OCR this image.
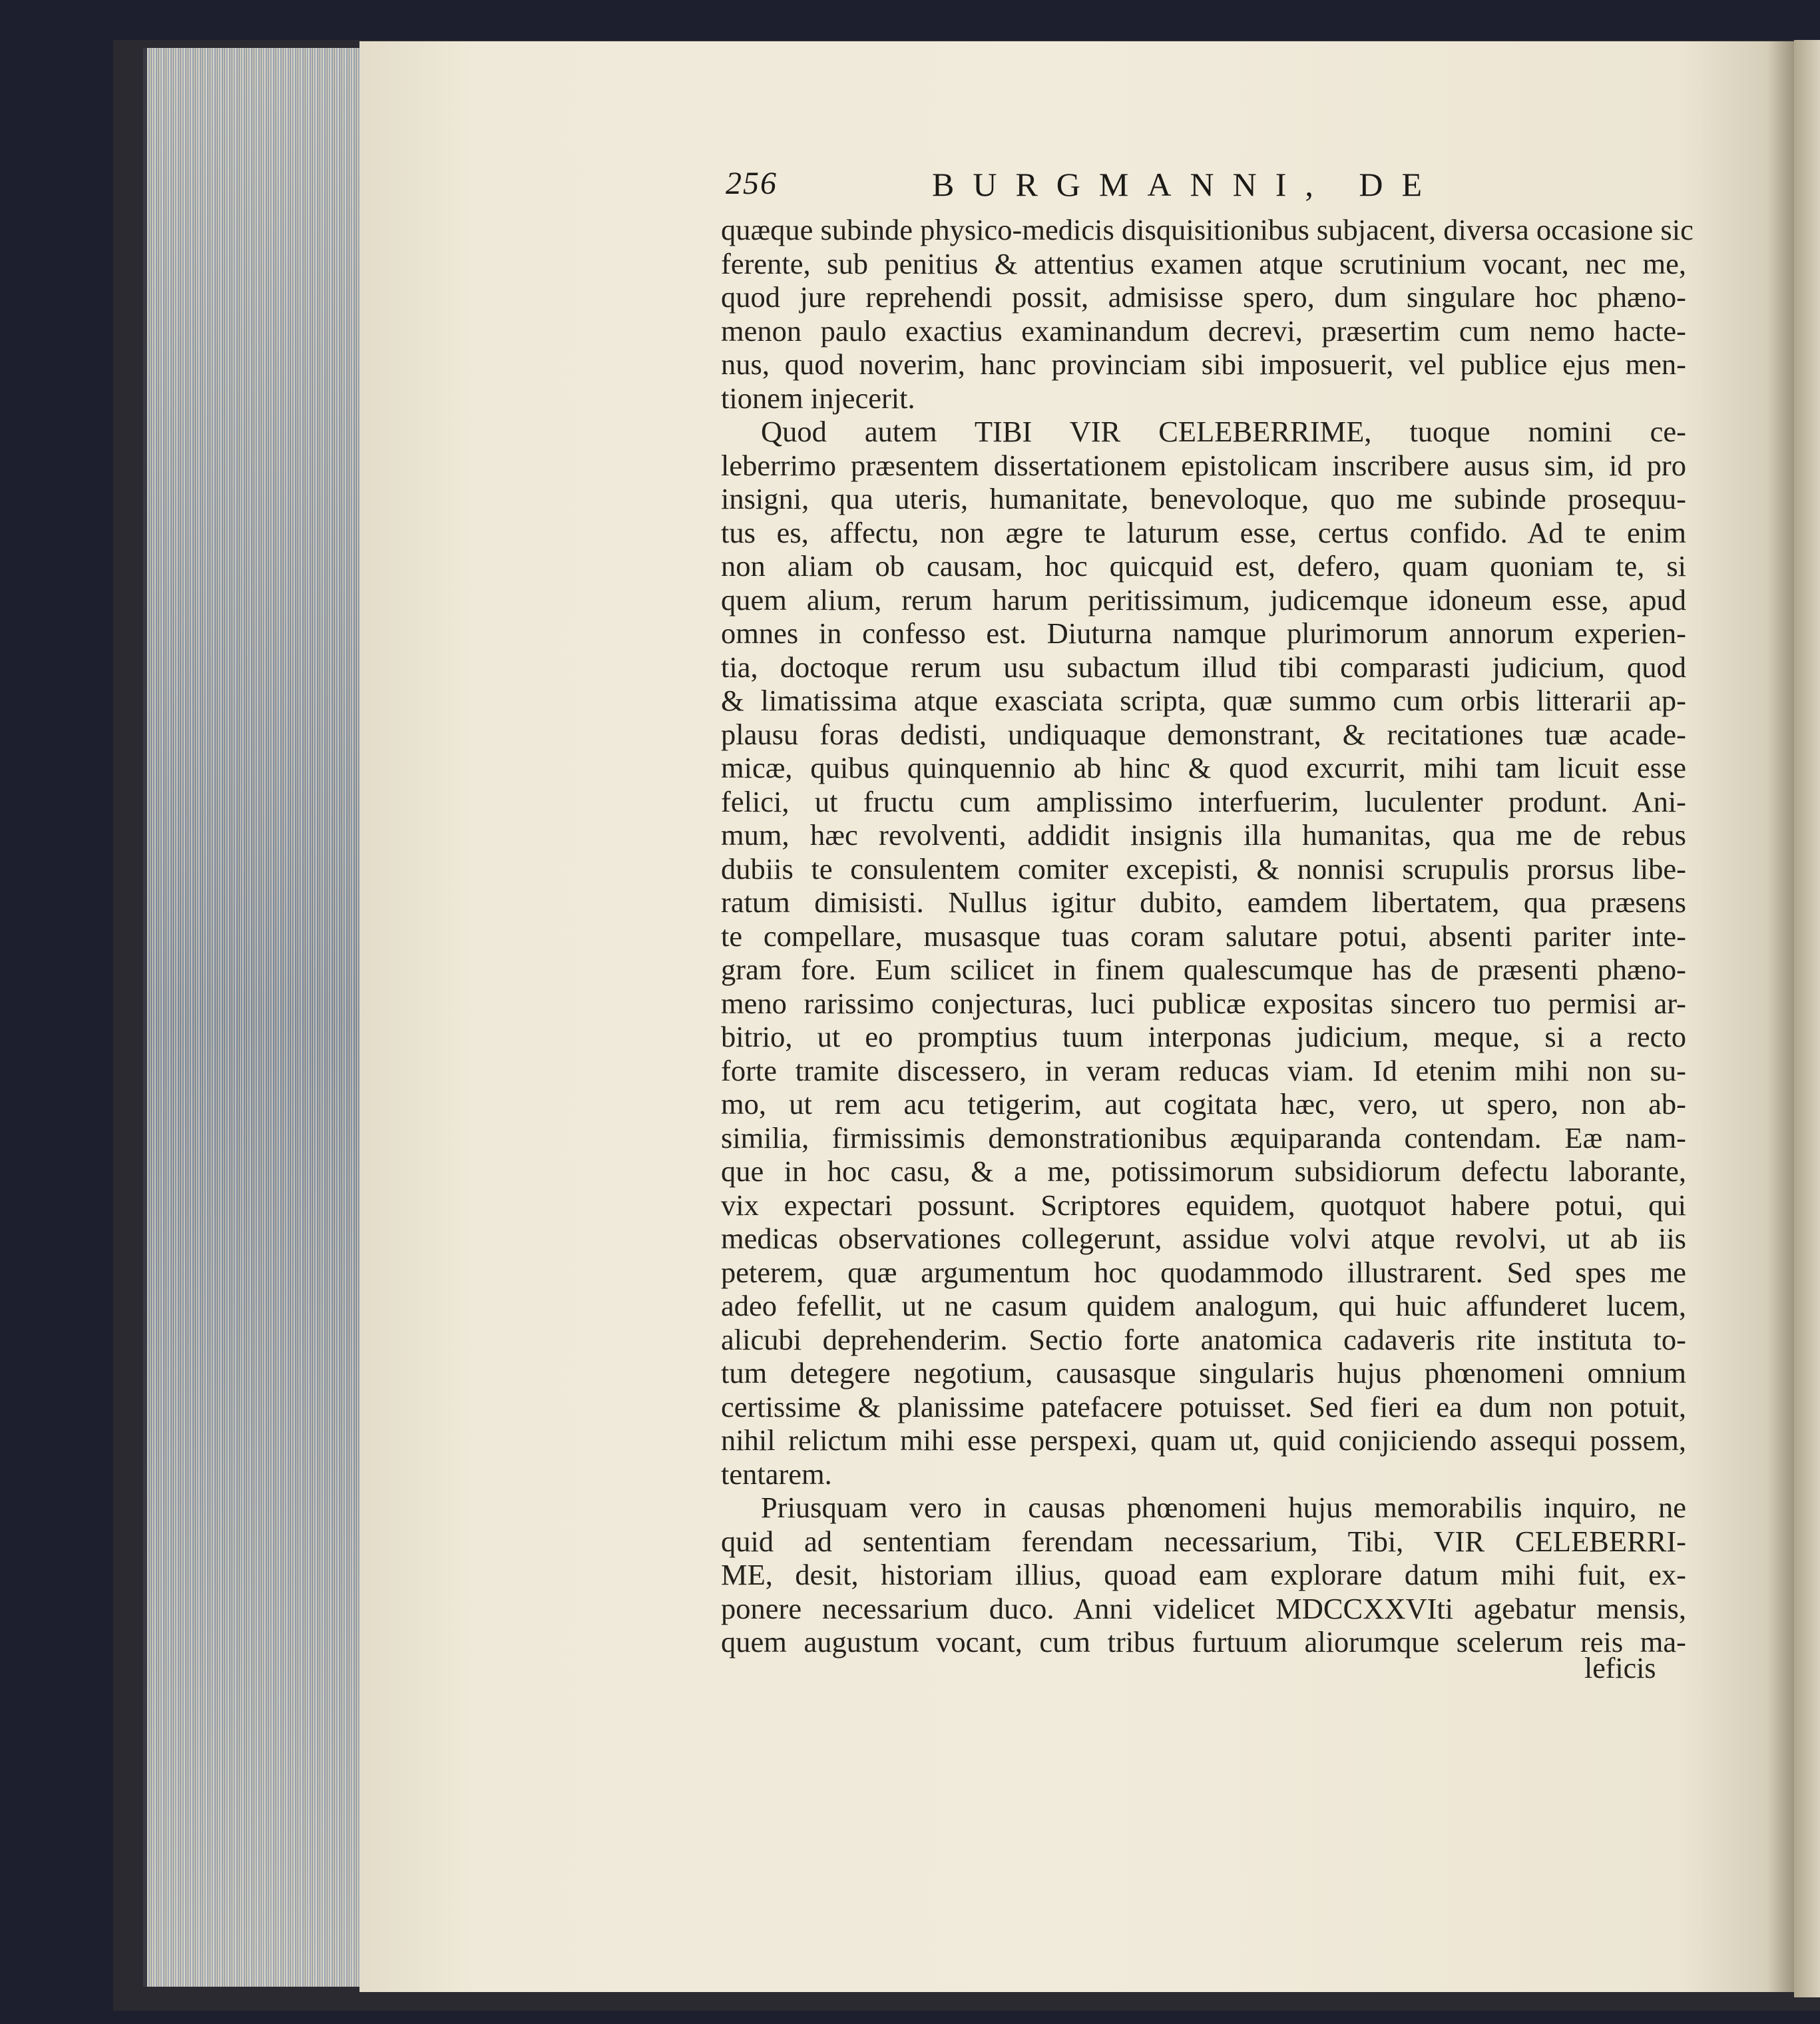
256	BURGMANNI, DE
quæque subinde physico-medicis disquisitionibus subjacent, diversa occasione sic
ferente, sub penitius & attentius examen atque scrutinium vocant, nec me,
quod jure reprehendi possit, admisisse spero, dum singulare hoc phæno-
menon paulo exactius examinandum decrevi, præsertim cum nemo hacte-
nus, quod noverim, hanc provinciam sibi imposuerit, vel publice ejus men-
tionem injecerit.
Quod autem TIBI VIR CELEBERRIME, tuoque nomini ce-
leberrimo præsentem dissertationem epistolicam inscribere ausus sim, id pro
insigni, qua uteris, humanitate, benevoloque, quo me subinde prosequu-
tus es, affectu, non ægre te laturum esse, certus confido. Ad te enim
non aliam ob causam, hoc quicquid est, defero, quam quoniam te, si
quem alium, rerum harum peritissimum, judicemque idoneum esse, apud
omnes in confesso est. Diuturna namque plurimorum annorum experien-
tia, doctoque rerum usu subactum illud tibi comparasti judicium, quod
& limatissima atque exasciata scripta, quæ summo cum orbis litterarii ap-
plausu foras dedisti, undiquaque demonstrant, & recitationes tuæ acade-
micæ, quibus quinquennio ab hinc & quod excurrit, mihi tam licuit esse
felici, ut fructu cum amplissimo interfuerim, luculenter produnt. Ani-
mum, hæc revolventi, addidit insignis illa humanitas, qua me de rebus
dubiis te consulentem comiter excepisti, & nonnisi scrupulis prorsus libe-
ratum dimisisti. Nullus igitur dubito, eamdem libertatem, qua præsens
te compellare, musasque tuas coram salutare potui, absenti pariter inte-
gram fore. Eum scilicet in finem qualescumque has de præsenti phæno-
meno rarissimo conjecturas, luci publicæ expositas sincero tuo permisi ar-
bitrio, ut eo promptius tuum interponas judicium, meque, si a recto
forte tramite discessero, in veram reducas viam. Id etenim mihi non su-
mo, ut rem acu tetigerim, aut cogitata hæc, vero, ut spero, non ab-
similia, firmissimis demonstrationibus æquiparanda contendam. Eæ nam-
que in hoc casu, & a me, potissimorum subsidiorum defectu laborante,
vix expectari possunt. Scriptores equidem, quotquot habere potui, qui
medicas observationes collegerunt, assidue volvi atque revolvi, ut ab iis
peterem, quæ argumentum hoc quodammodo illustrarent. Sed spes me
adeo fefellit, ut ne casum quidem analogum, qui huic affunderet lucem,
alicubi deprehenderim. Sectio forte anatomica cadaveris rite instituta to-
tum detegere negotium, causasque singularis hujus phœnomeni omnium
certissime & planissime patefacere potuisset. Sed fieri ea dum non potuit,
nihil relictum mihi esse perspexi, quam ut, quid conjiciendo assequi possem,
tentarem.
Priusquam vero in causas phœnomeni hujus memorabilis inquiro, ne
quid ad sententiam ferendam necessarium, Tibi, VIR CELEBERRI-
ME, desit, historiam illius, quoad eam explorare datum mihi fuit, ex-
ponere necessarium duco. Anni videlicet MDCCXXVIti agebatur mensis,
quem augustum vocant, cum tribus furtuum aliorumque scelerum reis ma-
leficis
